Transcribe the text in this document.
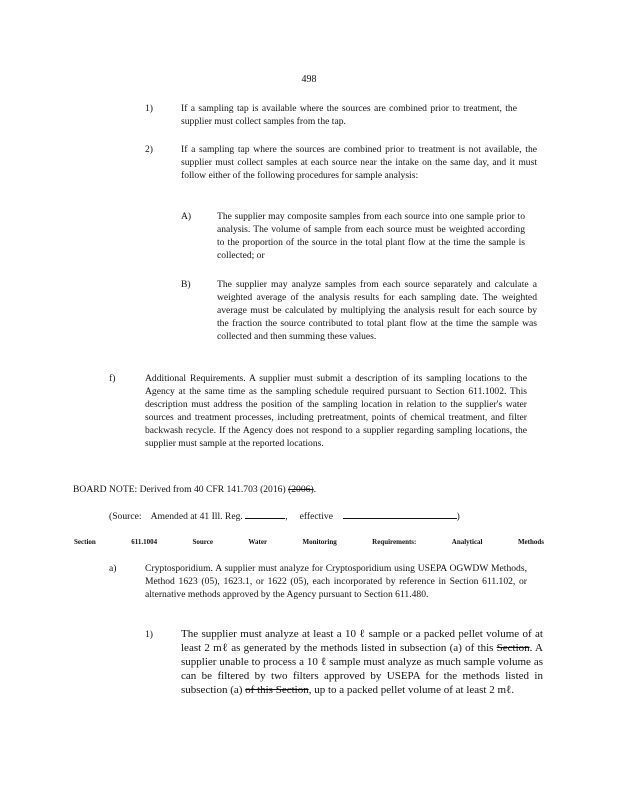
498
1)	If a sampling tap is available where the sources are combined prior to treatment, the supplier must collect samples from the tap.
2)	If a sampling tap where the sources are combined prior to treatment is not available, the supplier must collect samples at each source near the intake on the same day, and it must follow either of the following procedures for sample analysis:
A)	The supplier may composite samples from each source into one sample prior to analysis. The volume of sample from each source must be weighted according to the proportion of the source in the total plant flow at the time the sample is collected; or
B)	The supplier may analyze samples from each source separately and calculate a weighted average of the analysis results for each sampling date. The weighted average must be calculated by multiplying the analysis result for each source by the fraction the source contributed to total plant flow at the time the sample was collected and then summing these values.
f)	Additional Requirements. A supplier must submit a description of its sampling locations to the Agency at the same time as the sampling schedule required pursuant to Section 611.1002. This description must address the position of the sampling location in relation to the supplier's water sources and treatment processes, including pretreatment, points of chemical treatment, and filter backwash recycle. If the Agency does not respond to a supplier regarding sampling locations, the supplier must sample at the reported locations.
BOARD NOTE: Derived from 40 CFR 141.703 (2016) (2006).
(Source: Amended at 41 Ill. Reg.	, effective	)
Section	611.1004	Source	Water	Monitoring	Requirements:	Analytical	Methods
a)	Cryptosporidium. A supplier must analyze for Cryptosporidium using USEPA OGWDW Methods, Method 1623 (05), 1623.1, or 1622 (05), each incorporated by reference in Section 611.102, or alternative methods approved by the Agency pursuant to Section 611.480.
1)	The supplier must analyze at least a 10 ℓ sample or a packed pellet volume of at least 2 mℓ as generated by the methods listed in subsection (a) of this Section. A supplier unable to process a 10 ℓ sample must analyze as much sample volume as can be filtered by two filters approved by USEPA for the methods listed in subsection (a) of this Section, up to a packed pellet volume of at least 2 mℓ.
